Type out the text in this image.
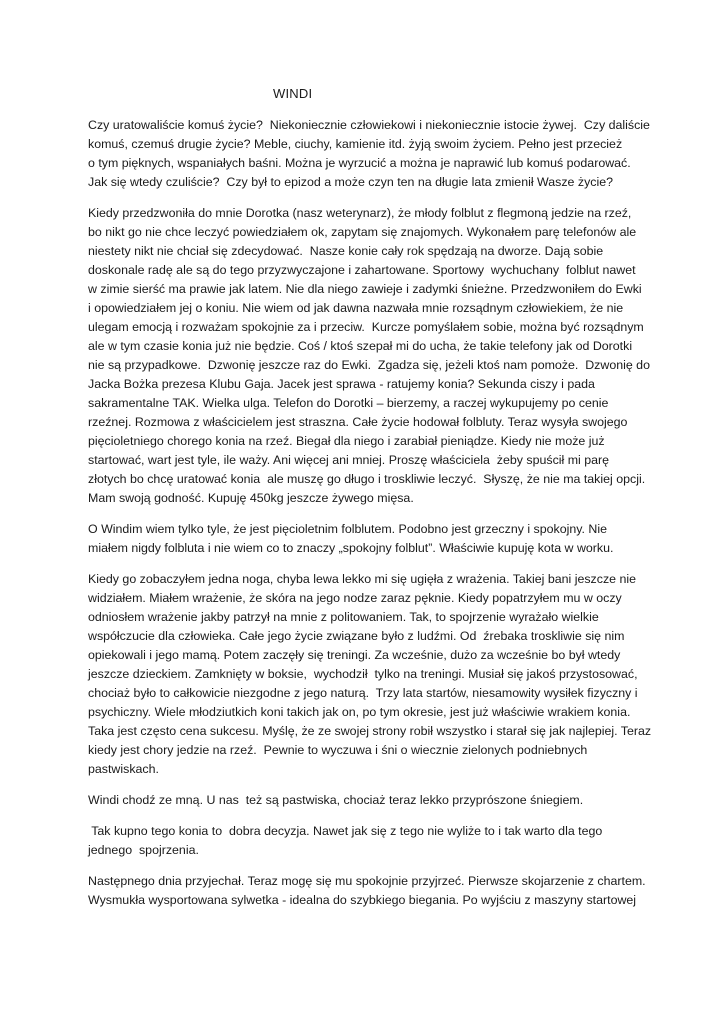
WINDI
Czy uratowaliście komuś życie?  Niekoniecznie człowiekowi i niekoniecznie istocie żywej.  Czy daliście
komuś, czemuś drugie życie? Meble, ciuchy, kamienie itd. żyją swoim życiem. Pełno jest przecież
o tym pięknych, wspaniałych baśni. Można je wyrzucić a można je naprawić lub komuś podarować.
Jak się wtedy czuliście?  Czy był to epizod a może czyn ten na długie lata zmienił Wasze życie?
Kiedy przedzwoniła do mnie Dorotka (nasz weterynarz), że młody folblut z flegmoną jedzie na rzeź,
bo nikt go nie chce leczyć powiedziałem ok, zapytam się znajomych. Wykonałem parę telefonów ale
niestety nikt nie chciał się zdecydować.  Nasze konie cały rok spędzają na dworze. Dają sobie
doskonale radę ale są do tego przyzwyczajone i zahartowane. Sportowy  wychuchany  folblut nawet
w zimie sierść ma prawie jak latem. Nie dla niego zawieje i zadymki śnieżne. Przedzwoniłem do Ewki
i opowiedziałem jej o koniu. Nie wiem od jak dawna nazwała mnie rozsądnym człowiekiem, że nie
ulegam emocją i rozważam spokojnie za i przeciw.  Kurcze pomyślałem sobie, można być rozsądnym
ale w tym czasie konia już nie będzie. Coś / ktoś szepał mi do ucha, że takie telefony jak od Dorotki
nie są przypadkowe.  Dzwonię jeszcze raz do Ewki.  Zgadza się, jeżeli ktoś nam pomoże.  Dzwonię do
Jacka Bożka prezesa Klubu Gaja. Jacek jest sprawa - ratujemy konia? Sekunda ciszy i pada
sakramentalne TAK. Wielka ulga. Telefon do Dorotki – bierzemy, a raczej wykupujemy po cenie
rzeźnej. Rozmowa z właścicielem jest straszna. Całe życie hodował folbluty. Teraz wysyła swojego
pięcioletniego chorego konia na rzeź. Biegał dla niego i zarabiał pieniądze. Kiedy nie może już
startować, wart jest tyle, ile waży. Ani więcej ani mniej. Proszę właściciela  żeby spuścił mi parę
złotych bo chcę uratować konia  ale muszę go długo i troskliwie leczyć.  Słyszę, że nie ma takiej opcji.
Mam swoją godność. Kupuję 450kg jeszcze żywego mięsa.
O Windim wiem tylko tyle, że jest pięcioletnim folblutem. Podobno jest grzeczny i spokojny. Nie
miałem nigdy folbluta i nie wiem co to znaczy „spokojny folblut”. Właściwie kupuję kota w worku.
Kiedy go zobaczyłem jedna noga, chyba lewa lekko mi się ugięła z wrażenia. Takiej bani jeszcze nie
widziałem. Miałem wrażenie, że skóra na jego nodze zaraz pęknie. Kiedy popatrzyłem mu w oczy
odniosłem wrażenie jakby patrzył na mnie z politowaniem. Tak, to spojrzenie wyrażało wielkie
współczucie dla człowieka. Całe jego życie związane było z ludźmi. Od  źrebaka troskliwie się nim
opiekowali i jego mamą. Potem zaczęły się treningi. Za wcześnie, dużo za wcześnie bo był wtedy
jeszcze dzieckiem. Zamknięty w boksie,  wychodził  tylko na treningi. Musiał się jakoś przystosować,
chociaż było to całkowicie niezgodne z jego naturą.  Trzy lata startów, niesamowity wysiłek fizyczny i
psychiczny. Wiele młodziutkich koni takich jak on, po tym okresie, jest już właściwie wrakiem konia.
Taka jest często cena sukcesu. Myślę, że ze swojej strony robił wszystko i starał się jak najlepiej. Teraz
kiedy jest chory jedzie na rzeź.  Pewnie to wyczuwa i śni o wiecznie zielonych podniebnych
pastwiskach.
Windi chodź ze mną. U nas  też są pastwiska, chociaż teraz lekko przyprószone śniegiem.
Tak kupno tego konia to  dobra decyzja. Nawet jak się z tego nie wyliże to i tak warto dla tego
jednego  spojrzenia.
Następnego dnia przyjechał. Teraz mogę się mu spokojnie przyjrzeć. Pierwsze skojarzenie z chartem.
Wysmukła wysportowana sylwetka - idealna do szybkiego biegania. Po wyjściu z maszyny startowej
